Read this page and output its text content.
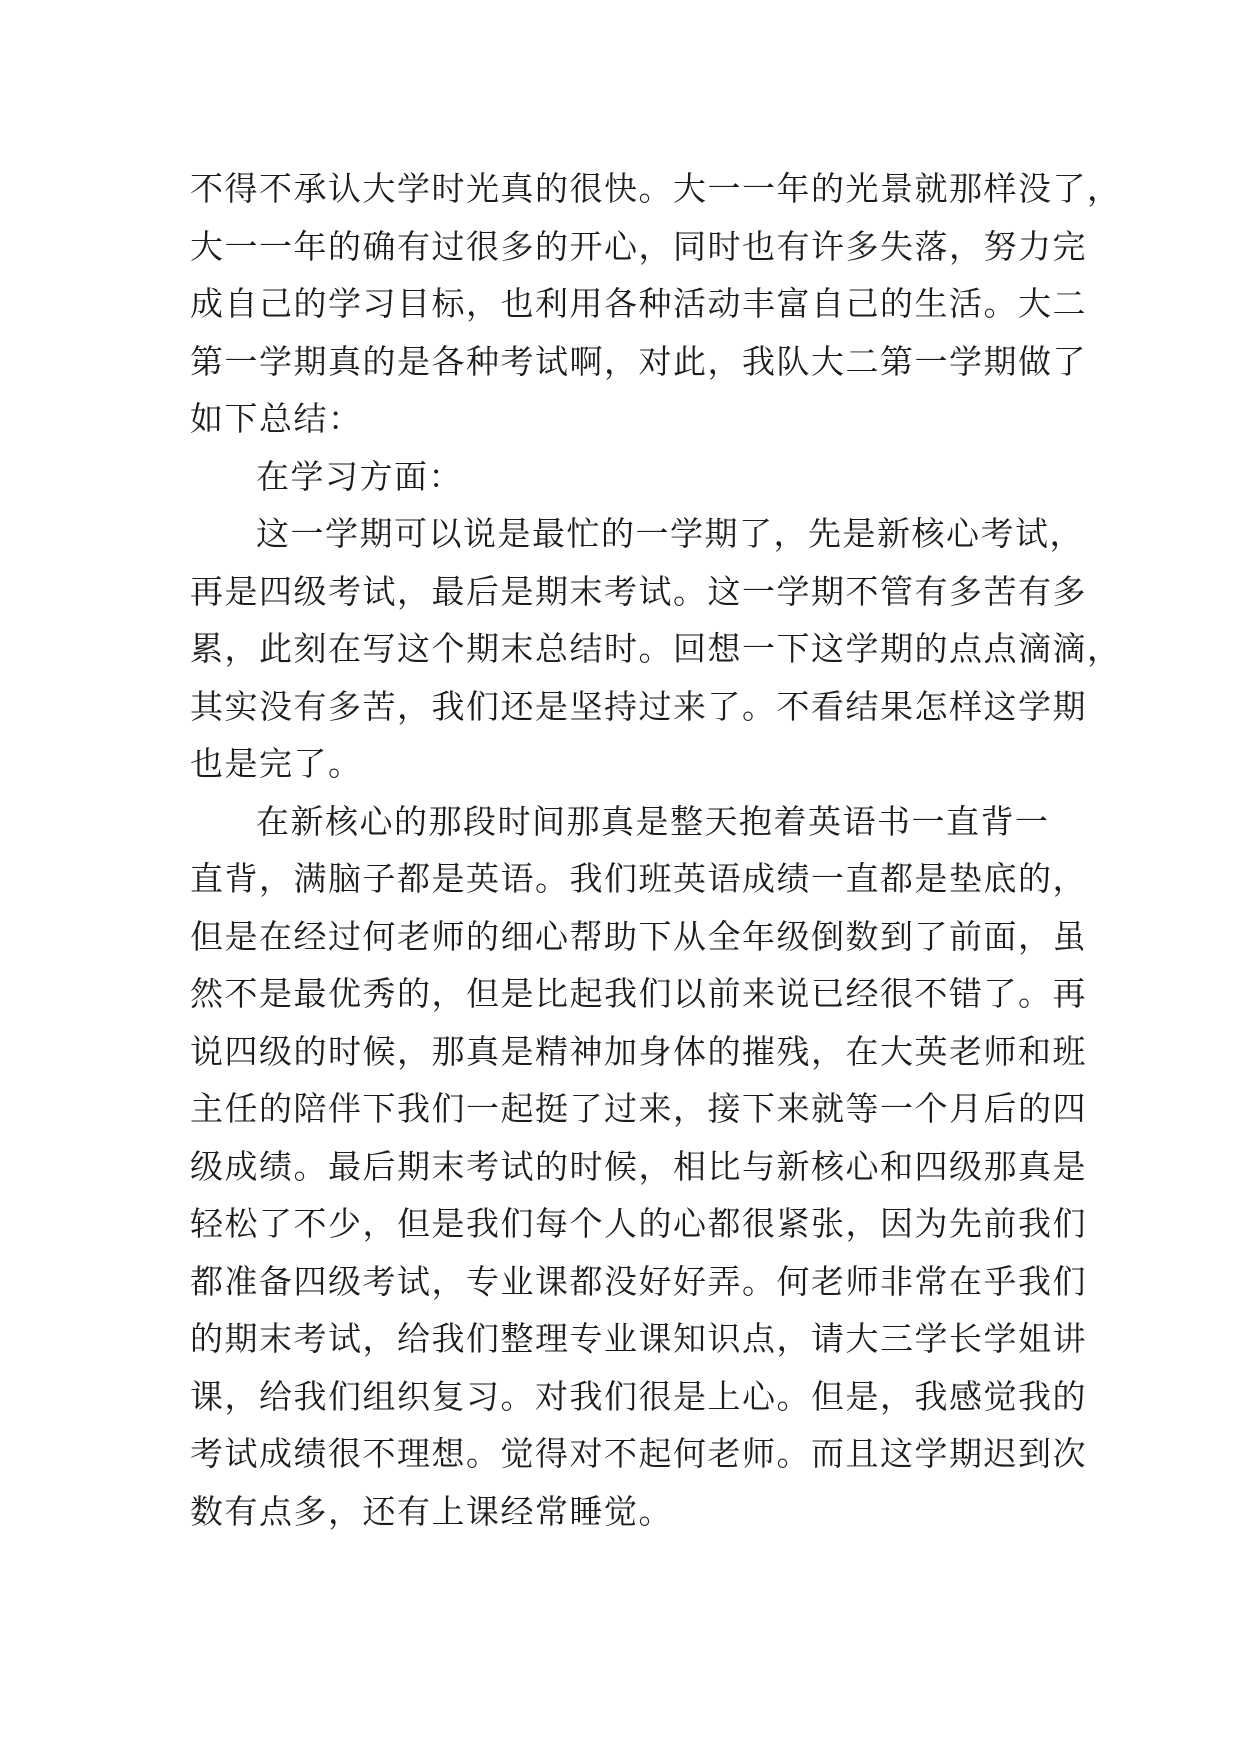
不得不承认大学时光真的很快。大一一年的光景就那样没了，
大一一年的确有过很多的开心，同时也有许多失落，努力完
成自己的学习目标，也利用各种活动丰富自己的生活。大二
第一学期真的是各种考试啊，对此，我队大二第一学期做了
如下总结：
在学习方面：
这一学期可以说是最忙的一学期了，先是新核心考试，
再是四级考试，最后是期末考试。这一学期不管有多苦有多
累，此刻在写这个期末总结时。回想一下这学期的点点滴滴，
其实没有多苦，我们还是坚持过来了。不看结果怎样这学期
也是完了。
在新核心的那段时间那真是整天抱着英语书一直背一
直背，满脑子都是英语。我们班英语成绩一直都是垫底的，
但是在经过何老师的细心帮助下从全年级倒数到了前面，虽
然不是最优秀的，但是比起我们以前来说已经很不错了。再
说四级的时候，那真是精神加身体的摧残，在大英老师和班
主任的陪伴下我们一起挺了过来，接下来就等一个月后的四
级成绩。最后期末考试的时候，相比与新核心和四级那真是
轻松了不少，但是我们每个人的心都很紧张，因为先前我们
都准备四级考试，专业课都没好好弄。何老师非常在乎我们
的期末考试，给我们整理专业课知识点，请大三学长学姐讲
课，给我们组织复习。对我们很是上心。但是，我感觉我的
考试成绩很不理想。觉得对不起何老师。而且这学期迟到次
数有点多，还有上课经常睡觉。
